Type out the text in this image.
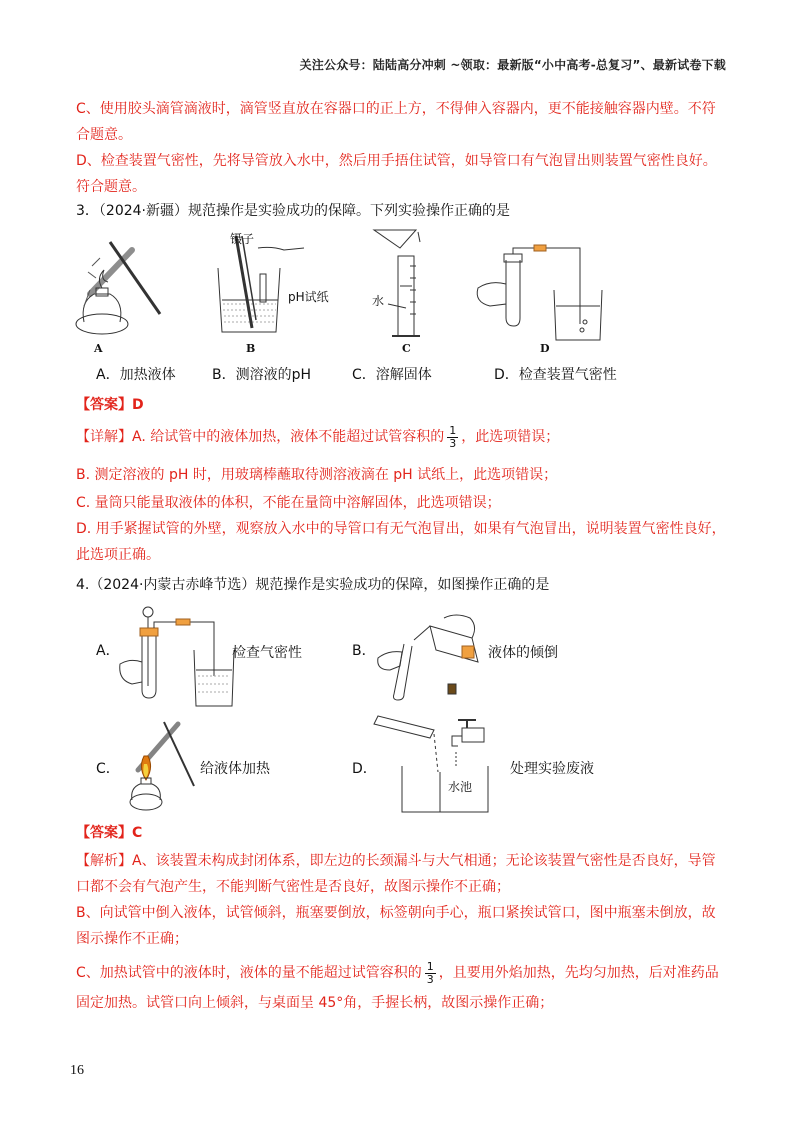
关注公众号：陆陆高分冲刺 ~领取：最新版“小中高考-总复习”、最新试卷下载
C、使用胶头滴管滴液时，滴管竖直放在容器口的正上方，不得伸入容器内，更不能接触容器内壁。不符合题意。
D、检查装置气密性，先将导管放入水中，然后用手捂住试管，如导管口有气泡冒出则装置气密性良好。符合题意。
3．（2024·新疆）规范操作是实验成功的保障。下列实验操作正确的是
A
镊子
pH试纸
B
水
C	D
A．加热液体	B．测溶液的pH	C．溶解固体	D．检查装置气密性
【答案】D
【详解】A. 给试管中的液体加热，液体不能超过试管容积的 $\frac{1}{3}$ ，此选项错误；
B. 测定溶液的 pH 时，用玻璃棒蘸取待测溶液滴在 pH 试纸上，此选项错误；
C. 量筒只能量取液体的体积，不能在量筒中溶解固体，此选项错误；
D. 用手紧握试管的外壁，观察放入水中的导管口有无气泡冒出，如果有气泡冒出，说明装置气密性良好，此选项正确。
4.（2024·内蒙古赤峰节选）规范操作是实验成功的保障，如图操作正确的是
A．	检查气密性	B．	液体的倾倒
C．	给液体加热	D．
水池
处理实验废液
【答案】C
【解析】A、该装置未构成封闭体系，即左边的长颈漏斗与大气相通；无论该装置气密性是否良好，导管口都不会有气泡产生，不能判断气密性是否良好，故图示操作不正确；
B、向试管中倒入液体，试管倾斜，瓶塞要倒放，标签朝向手心，瓶口紧挨试管口，图中瓶塞未倒放，故图示操作不正确；
C、加热试管中的液体时，液体的量不能超过试管容积的 $\frac{1}{3}$ ，且要用外焰加热，先均匀加热，后对准药品固定加热。试管口向上倾斜，与桌面呈 45°角，手握长柄，故图示操作正确；
16
